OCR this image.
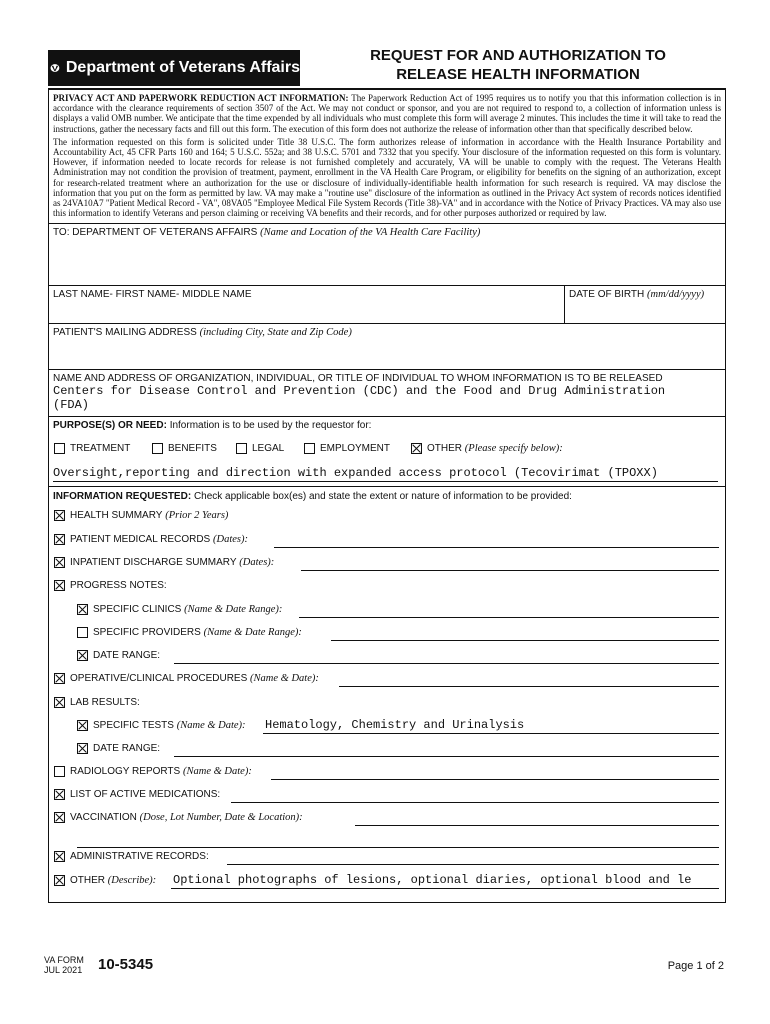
Department of Veterans Affairs
REQUEST FOR AND AUTHORIZATION TO
RELEASE HEALTH INFORMATION

PRIVACY ACT AND PAPERWORK REDUCTION ACT INFORMATION: The Paperwork Reduction Act of 1995 requires us to notify you that this information collection is in accordance with the clearance requirements of section 3507 of the Act. We may not conduct or sponsor, and you are not required to respond to, a collection of information unless is displays a valid OMB number. We anticipate that the time expended by all individuals who must complete this form will average 2 minutes. This includes the time it will take to read the instructions, gather the necessary facts and fill out this form. The execution of this form does not authorize the release of information other than that specifically described below.

The information requested on this form is solicited under Title 38 U.S.C. The form authorizes release of information in accordance with the Health Insurance Portability and Accountability Act, 45 CFR Parts 160 and 164; 5 U.S.C. 552a; and 38 U.S.C. 5701 and 7332 that you specify. Your disclosure of the information requested on this form is voluntary. However, if information needed to locate records for release is not furnished completely and accurately, VA will be unable to comply with the request. The Veterans Health Administration may not condition the provision of treatment, payment, enrollment in the VA Health Care Program, or eligibility for benefits on the signing of an authorization, except for research-related treatment where an authorization for the use or disclosure of individually-identifiable health information for such research is required. VA may disclose the information that you put on the form as permitted by law. VA may make a "routine use" disclosure of the information as outlined in the Privacy Act system of records notices identified as 24VA10A7 "Patient Medical Record - VA", 08VA05 "Employee Medical File System Records (Title 38)-VA" and in accordance with the Notice of Privacy Practices. VA may also use this information to identify Veterans and person claiming or receiving VA benefits and their records, and for other purposes authorized or required by law.

TO: DEPARTMENT OF VETERANS AFFAIRS (Name and Location of the VA Health Care Facility)
LAST NAME- FIRST NAME- MIDDLE NAME	DATE OF BIRTH (mm/dd/yyyy)
PATIENT'S MAILING ADDRESS (including City, State and Zip Code)
NAME AND ADDRESS OF ORGANIZATION, INDIVIDUAL, OR TITLE OF INDIVIDUAL TO WHOM INFORMATION IS TO BE RELEASED
Centers for Disease Control and Prevention (CDC) and the Food and Drug Administration
(FDA)
PURPOSE(S) OR NEED: Information is to be used by the requestor for:
TREATMENT	BENEFITS	LEGAL	EMPLOYMENT	OTHER
(Please specify below):
Oversight,reporting and direction with expanded access protocol (Tecovirimat (TPOXX)
INFORMATION REQUESTED: Check applicable box(es) and state the extent or nature of information to be provided:
HEALTH SUMMARY
(Prior 2 Years)
PATIENT MEDICAL RECORDS
(Dates):
INPATIENT DISCHARGE SUMMARY
(Dates):
PROGRESS NOTES:
SPECIFIC CLINICS
(Name & Date Range):
SPECIFIC PROVIDERS
(Name & Date Range):
DATE RANGE:
OPERATIVE/CLINICAL PROCEDURES
(Name & Date):
LAB RESULTS:
SPECIFIC TESTS
(Name & Date): Hematology, Chemistry and Urinalysis
DATE RANGE:
RADIOLOGY REPORTS
(Name & Date):
LIST OF ACTIVE MEDICATIONS:
VACCINATION
(Dose, Lot Number, Date & Location):
ADMINISTRATIVE RECORDS:
OTHER
(Describe): Optional photographs of lesions, optional diaries, optional blood and le
VA FORM
JUL 2021 10-5345	Page 1 of 2
